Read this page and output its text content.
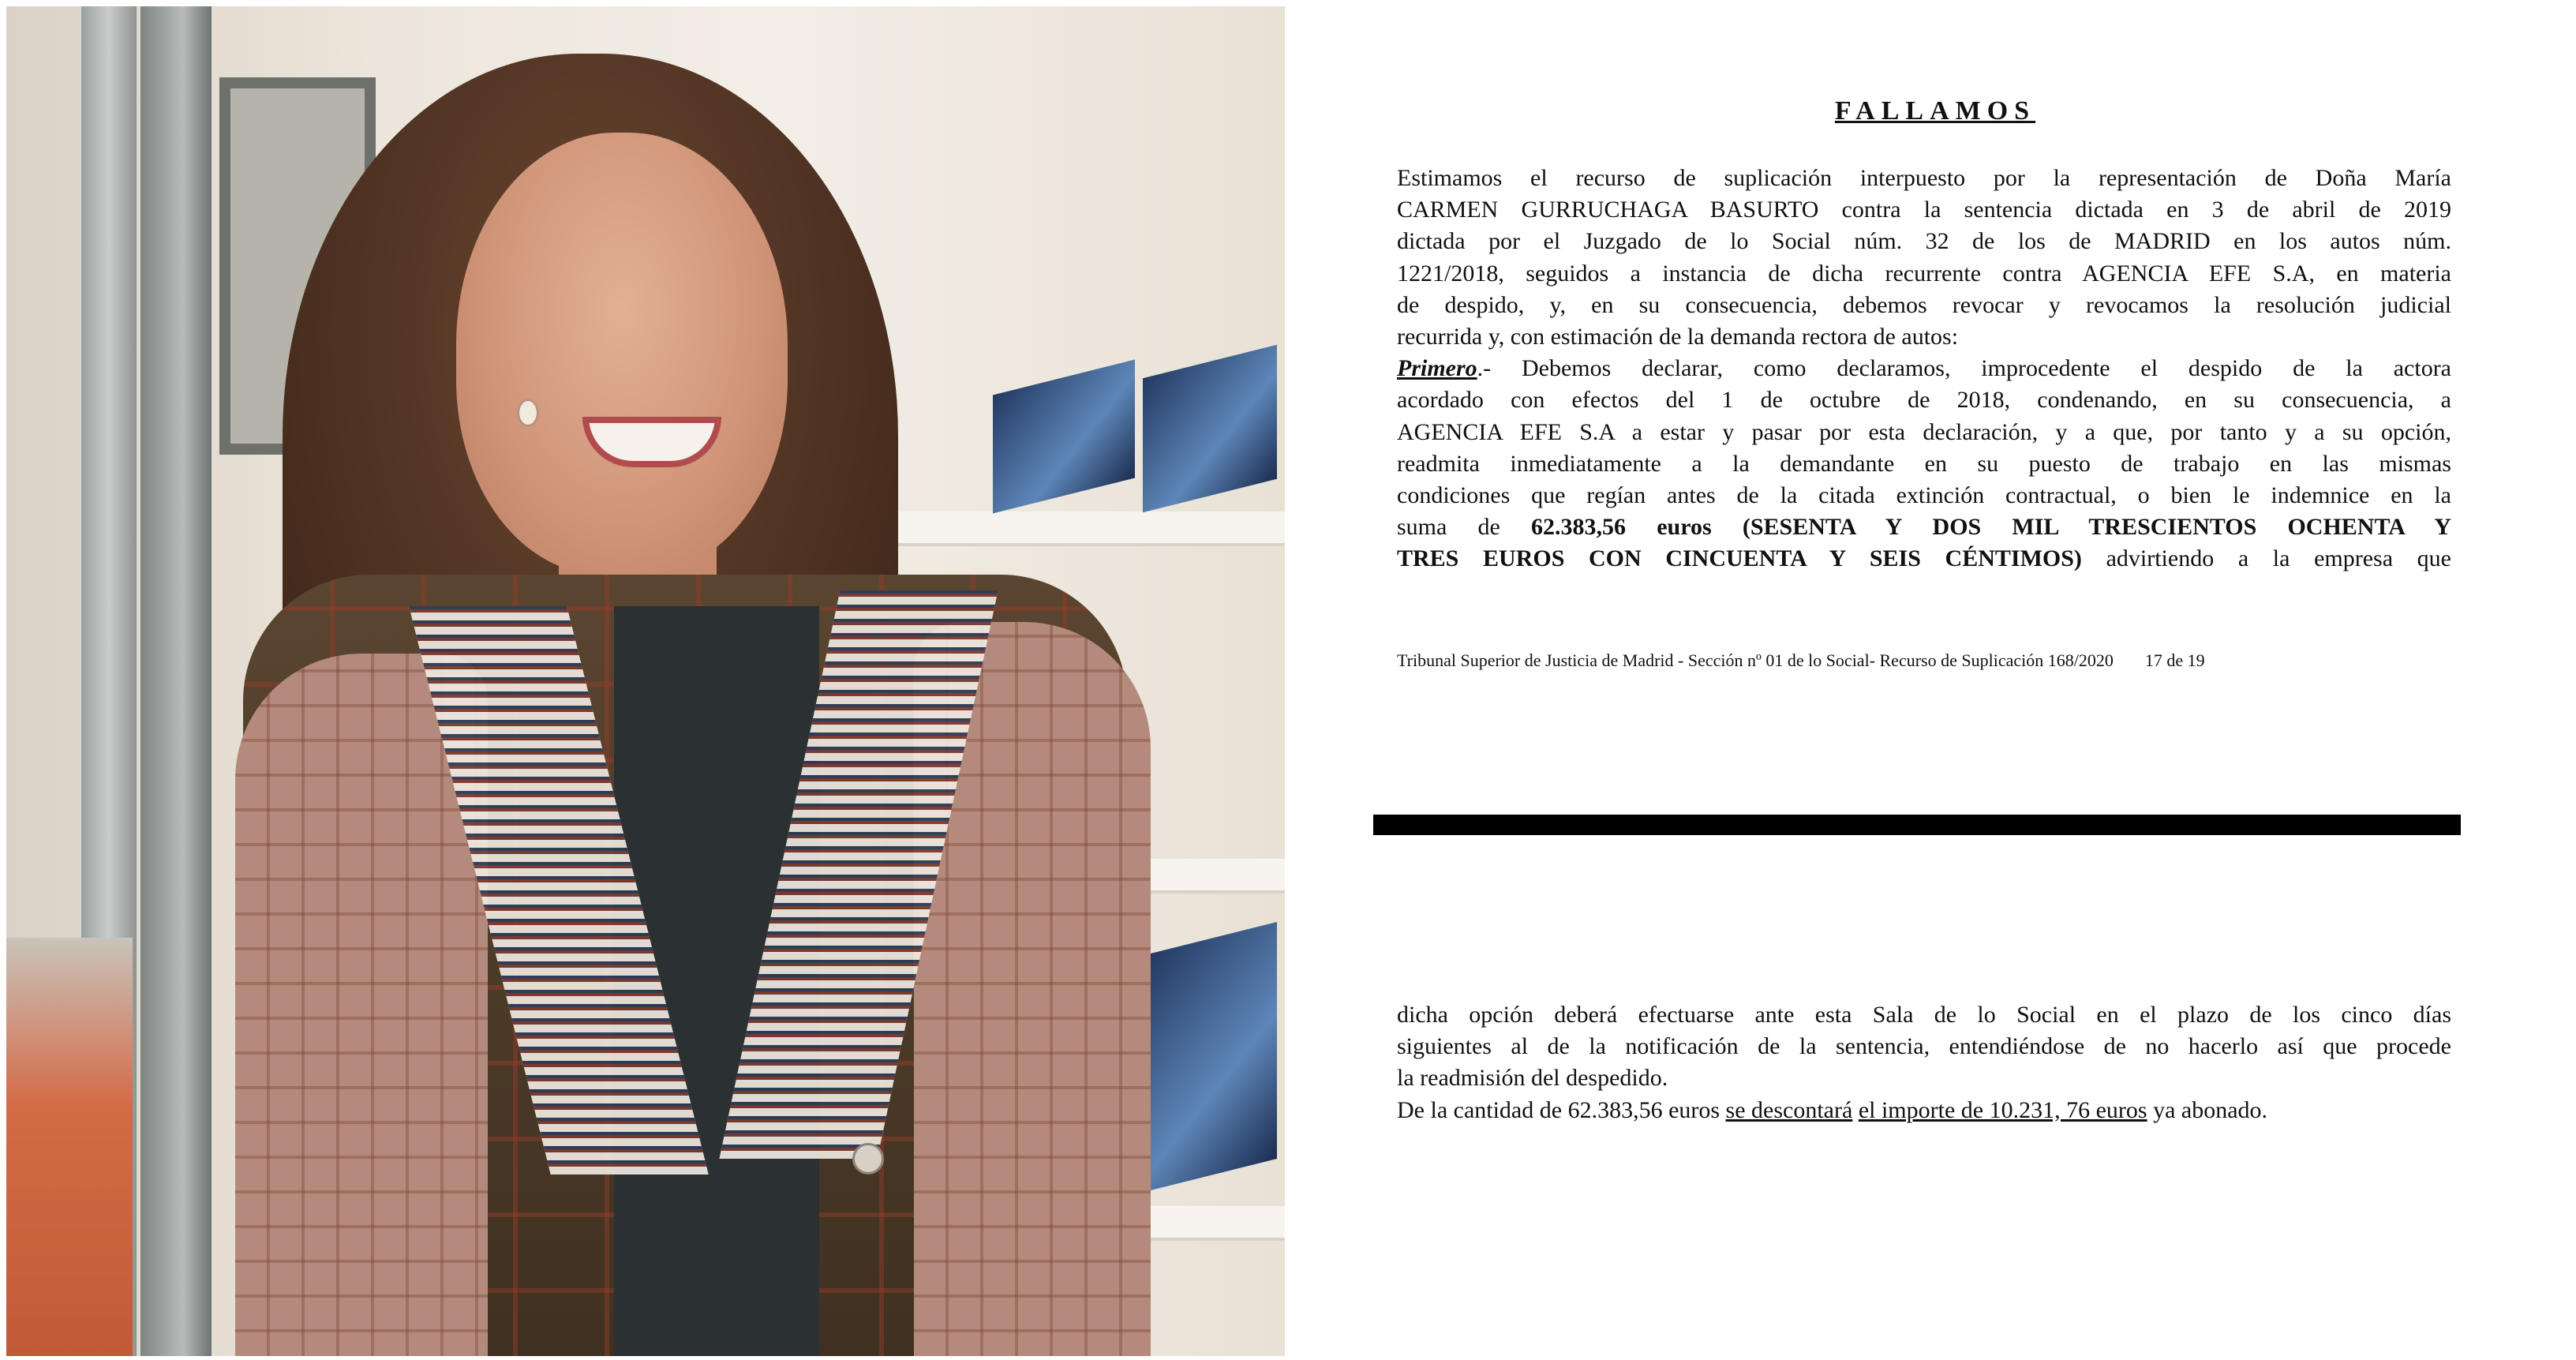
FALLAMOS
Estimamos el recurso de suplicación interpuesto por la representación de Doña María
CARMEN GURRUCHAGA BASURTO contra la sentencia dictada en 3 de abril de 2019
dictada por el Juzgado de lo Social núm. 32 de los de MADRID en los autos núm.
1221/2018, seguidos a instancia de dicha recurrente contra AGENCIA EFE S.A, en materia
de despido, y, en su consecuencia, debemos revocar y revocamos la resolución judicial
recurrida y, con estimación de la demanda rectora de autos:
Primero.- Debemos declarar, como declaramos, improcedente el despido de la actora
acordado con efectos del 1 de octubre de 2018, condenando, en su consecuencia, a
AGENCIA EFE S.A a estar y pasar por esta declaración, y a que, por tanto y a su opción,
readmita inmediatamente a la demandante en su puesto de trabajo en las mismas
condiciones que regían antes de la citada extinción contractual, o bien le indemnice en la
suma de 62.383,56 euros (SESENTA Y DOS MIL TRESCIENTOS OCHENTA Y
TRES EUROS CON CINCUENTA Y SEIS CÉNTIMOS) advirtiendo a la empresa que
Tribunal Superior de Justicia de Madrid - Sección nº 01 de lo Social- Recurso de Suplicación 168/2020 17 de 19
dicha opción deberá efectuarse ante esta Sala de lo Social en el plazo de los cinco días
siguientes al de la notificación de la sentencia, entendiéndose de no hacerlo así que procede
la readmisión del despedido.
De la cantidad de 62.383,56 euros se descontará el importe de 10.231, 76 euros ya abonado.
